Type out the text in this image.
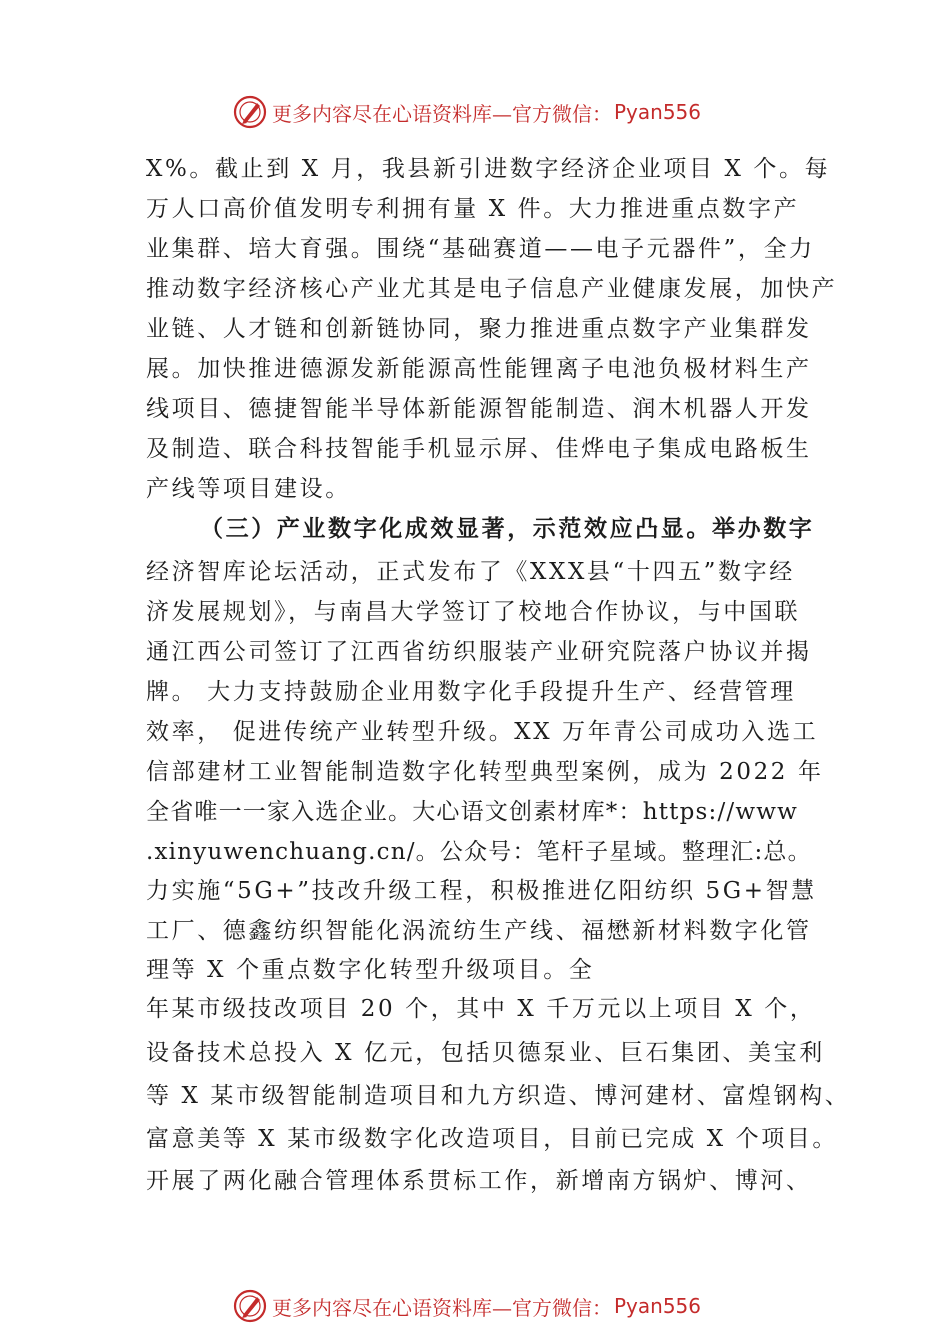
更多内容尽在心语资料库—官方微信： Pyan556
X%。截止到 X 月，我县新引进数字经济企业项目 X 个。每
万人口高价值发明专利拥有量 X 件。大力推进重点数字产
业集群、培大育强。围绕“基础赛道——电子元器件”，全力
推动数字经济核心产业尤其是电子信息产业健康发展，加快产
业链、人才链和创新链协同，聚力推进重点数字产业集群发
展。加快推进德源发新能源高性能锂离子电池负极材料生产
线项目、德捷智能半导体新能源智能制造、润木机器人开发
及制造、联合科技智能手机显示屏、佳烨电子集成电路板生
产线等项目建设。
（三）产业数字化成效显著，示范效应凸显。举办数字
经济智库论坛活动，正式发布了《XXX县“十四五”数字经
济发展规划》，与南昌大学签订了校地合作协议，与中国联
通江西公司签订了江西省纺织服装产业研究院落户协议并揭
牌。 大力支持鼓励企业用数字化手段提升生产、经营管理
效率， 促进传统产业转型升级。XX 万年青公司成功入选工
信部建材工业智能制造数字化转型典型案例，成为 2022 年
全省唯一一家入选企业。大心语文创素材库*：https://www
.xinyuwenchuang.cn/。公众号：笔杆子星域。整理汇:总。
力实施“5G+”技改升级工程，积极推进亿阳纺织 5G+智慧
工厂、德鑫纺织智能化涡流纺生产线、福懋新材料数字化管
理等 X 个重点数字化转型升级项目。全
年某市级技改项目 20 个，其中 X 千万元以上项目 X 个，
设备技术总投入 X 亿元，包括贝德泵业、巨石集团、美宝利
等 X 某市级智能制造项目和九方织造、博河建材、富煌钢构、
富意美等 X 某市级数字化改造项目，目前已完成 X 个项目。
开展了两化融合管理体系贯标工作，新增南方锅炉、博河、
更多内容尽在心语资料库—官方微信： Pyan556
